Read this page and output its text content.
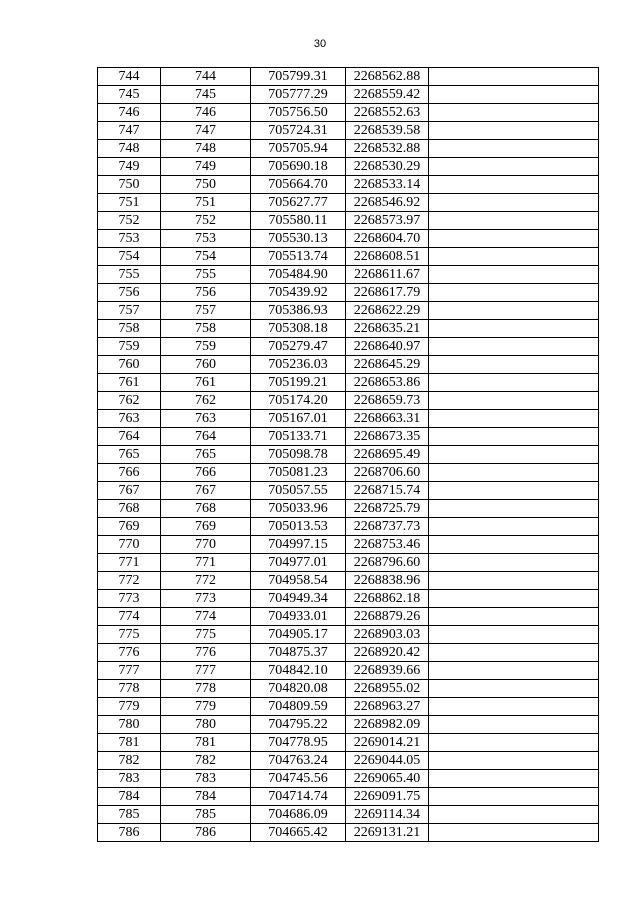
30
744	744	705799.31	2268562.88	
745	745	705777.29	2268559.42	
746	746	705756.50	2268552.63	
747	747	705724.31	2268539.58	
748	748	705705.94	2268532.88	
749	749	705690.18	2268530.29	
750	750	705664.70	2268533.14	
751	751	705627.77	2268546.92	
752	752	705580.11	2268573.97	
753	753	705530.13	2268604.70	
754	754	705513.74	2268608.51	
755	755	705484.90	2268611.67	
756	756	705439.92	2268617.79	
757	757	705386.93	2268622.29	
758	758	705308.18	2268635.21	
759	759	705279.47	2268640.97	
760	760	705236.03	2268645.29	
761	761	705199.21	2268653.86	
762	762	705174.20	2268659.73	
763	763	705167.01	2268663.31	
764	764	705133.71	2268673.35	
765	765	705098.78	2268695.49	
766	766	705081.23	2268706.60	
767	767	705057.55	2268715.74	
768	768	705033.96	2268725.79	
769	769	705013.53	2268737.73	
770	770	704997.15	2268753.46	
771	771	704977.01	2268796.60	
772	772	704958.54	2268838.96	
773	773	704949.34	2268862.18	
774	774	704933.01	2268879.26	
775	775	704905.17	2268903.03	
776	776	704875.37	2268920.42	
777	777	704842.10	2268939.66	
778	778	704820.08	2268955.02	
779	779	704809.59	2268963.27	
780	780	704795.22	2268982.09	
781	781	704778.95	2269014.21	
782	782	704763.24	2269044.05	
783	783	704745.56	2269065.40	
784	784	704714.74	2269091.75	
785	785	704686.09	2269114.34	
786	786	704665.42	2269131.21	
